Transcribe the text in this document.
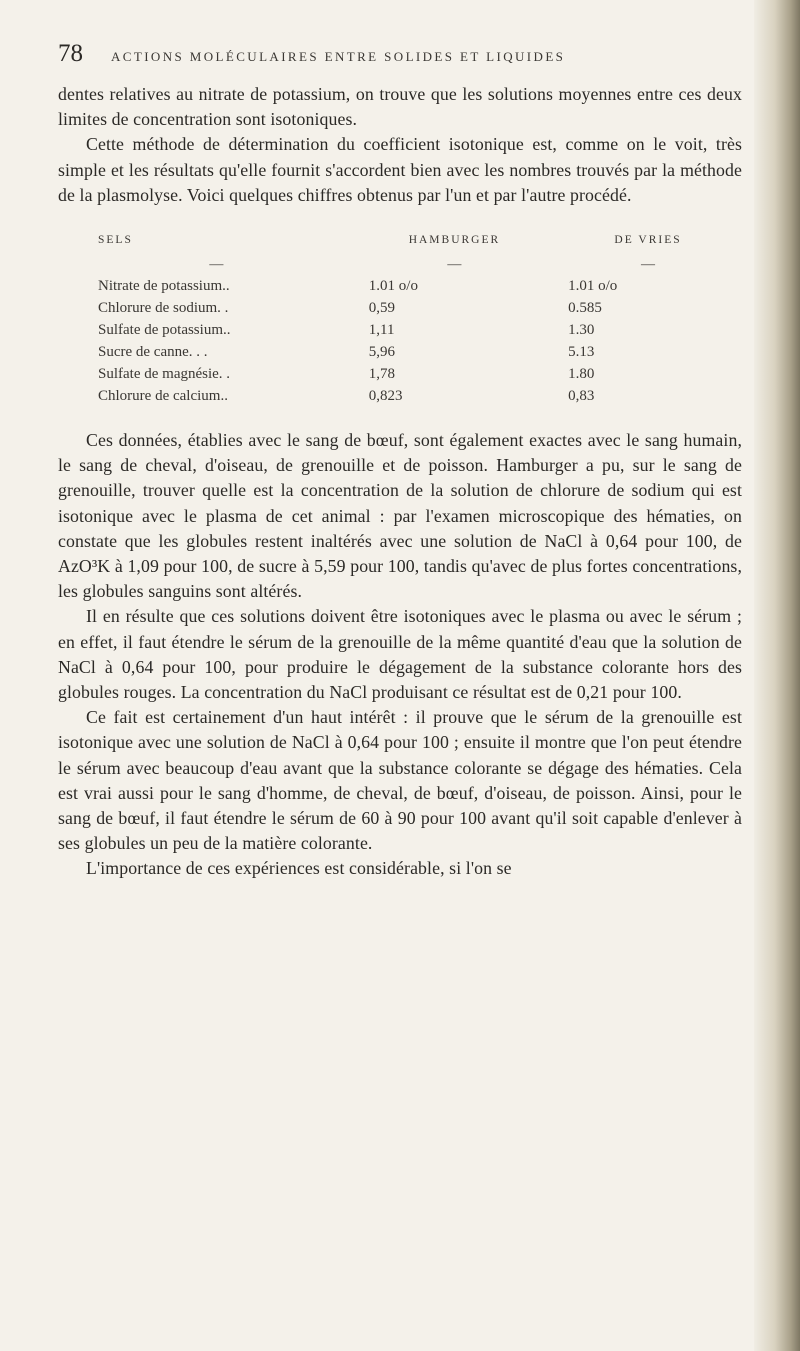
78 ACTIONS MOLÉCULAIRES ENTRE SOLIDES ET LIQUIDES

dentes relatives au nitrate de potassium, on trouve que les solutions moyennes entre ces deux limites de concentration sont isotoniques.

Cette méthode de détermination du coefficient isotonique est, comme on le voit, très simple et les résultats qu'elle fournit s'accordent bien avec les nombres trouvés par la méthode de la plasmolyse. Voici quelques chiffres obtenus par l'un et par l'autre procédé.

SELS	HAMBURGER	DE VRIES
—	—	—
Nitrate de potassium..	1.01 o/o	1.01 o/o
Chlorure de sodium. .	0,59	0.585
Sulfate de potassium..	1,11	1.30
Sucre de canne. . .	5,96	5.13
Sulfate de magnésie. .	1,78	1.80
Chlorure de calcium..	0,823	0,83

Ces données, établies avec le sang de bœuf, sont également exactes avec le sang humain, le sang de cheval, d'oiseau, de grenouille et de poisson. Hamburger a pu, sur le sang de grenouille, trouver quelle est la concentration de la solution de chlorure de sodium qui est isotonique avec le plasma de cet animal : par l'examen microscopique des hématies, on constate que les globules restent inaltérés avec une solution de NaCl à 0,64 pour 100, de AzO³K à 1,09 pour 100, de sucre à 5,59 pour 100, tandis qu'avec de plus fortes concentrations, les globules sanguins sont altérés.

Il en résulte que ces solutions doivent être isotoniques avec le plasma ou avec le sérum ; en effet, il faut étendre le sérum de la grenouille de la même quantité d'eau que la solution de NaCl à 0,64 pour 100, pour produire le dégagement de la substance colorante hors des globules rouges. La concentration du NaCl produisant ce résultat est de 0,21 pour 100.

Ce fait est certainement d'un haut intérêt : il prouve que le sérum de la grenouille est isotonique avec une solution de NaCl à 0,64 pour 100 ; ensuite il montre que l'on peut étendre le sérum avec beaucoup d'eau avant que la substance colorante se dégage des hématies. Cela est vrai aussi pour le sang d'homme, de cheval, de bœuf, d'oiseau, de poisson. Ainsi, pour le sang de bœuf, il faut étendre le sérum de 60 à 90 pour 100 avant qu'il soit capable d'enlever à ses globules un peu de la matière colorante.

L'importance de ces expériences est considérable, si l'on se
